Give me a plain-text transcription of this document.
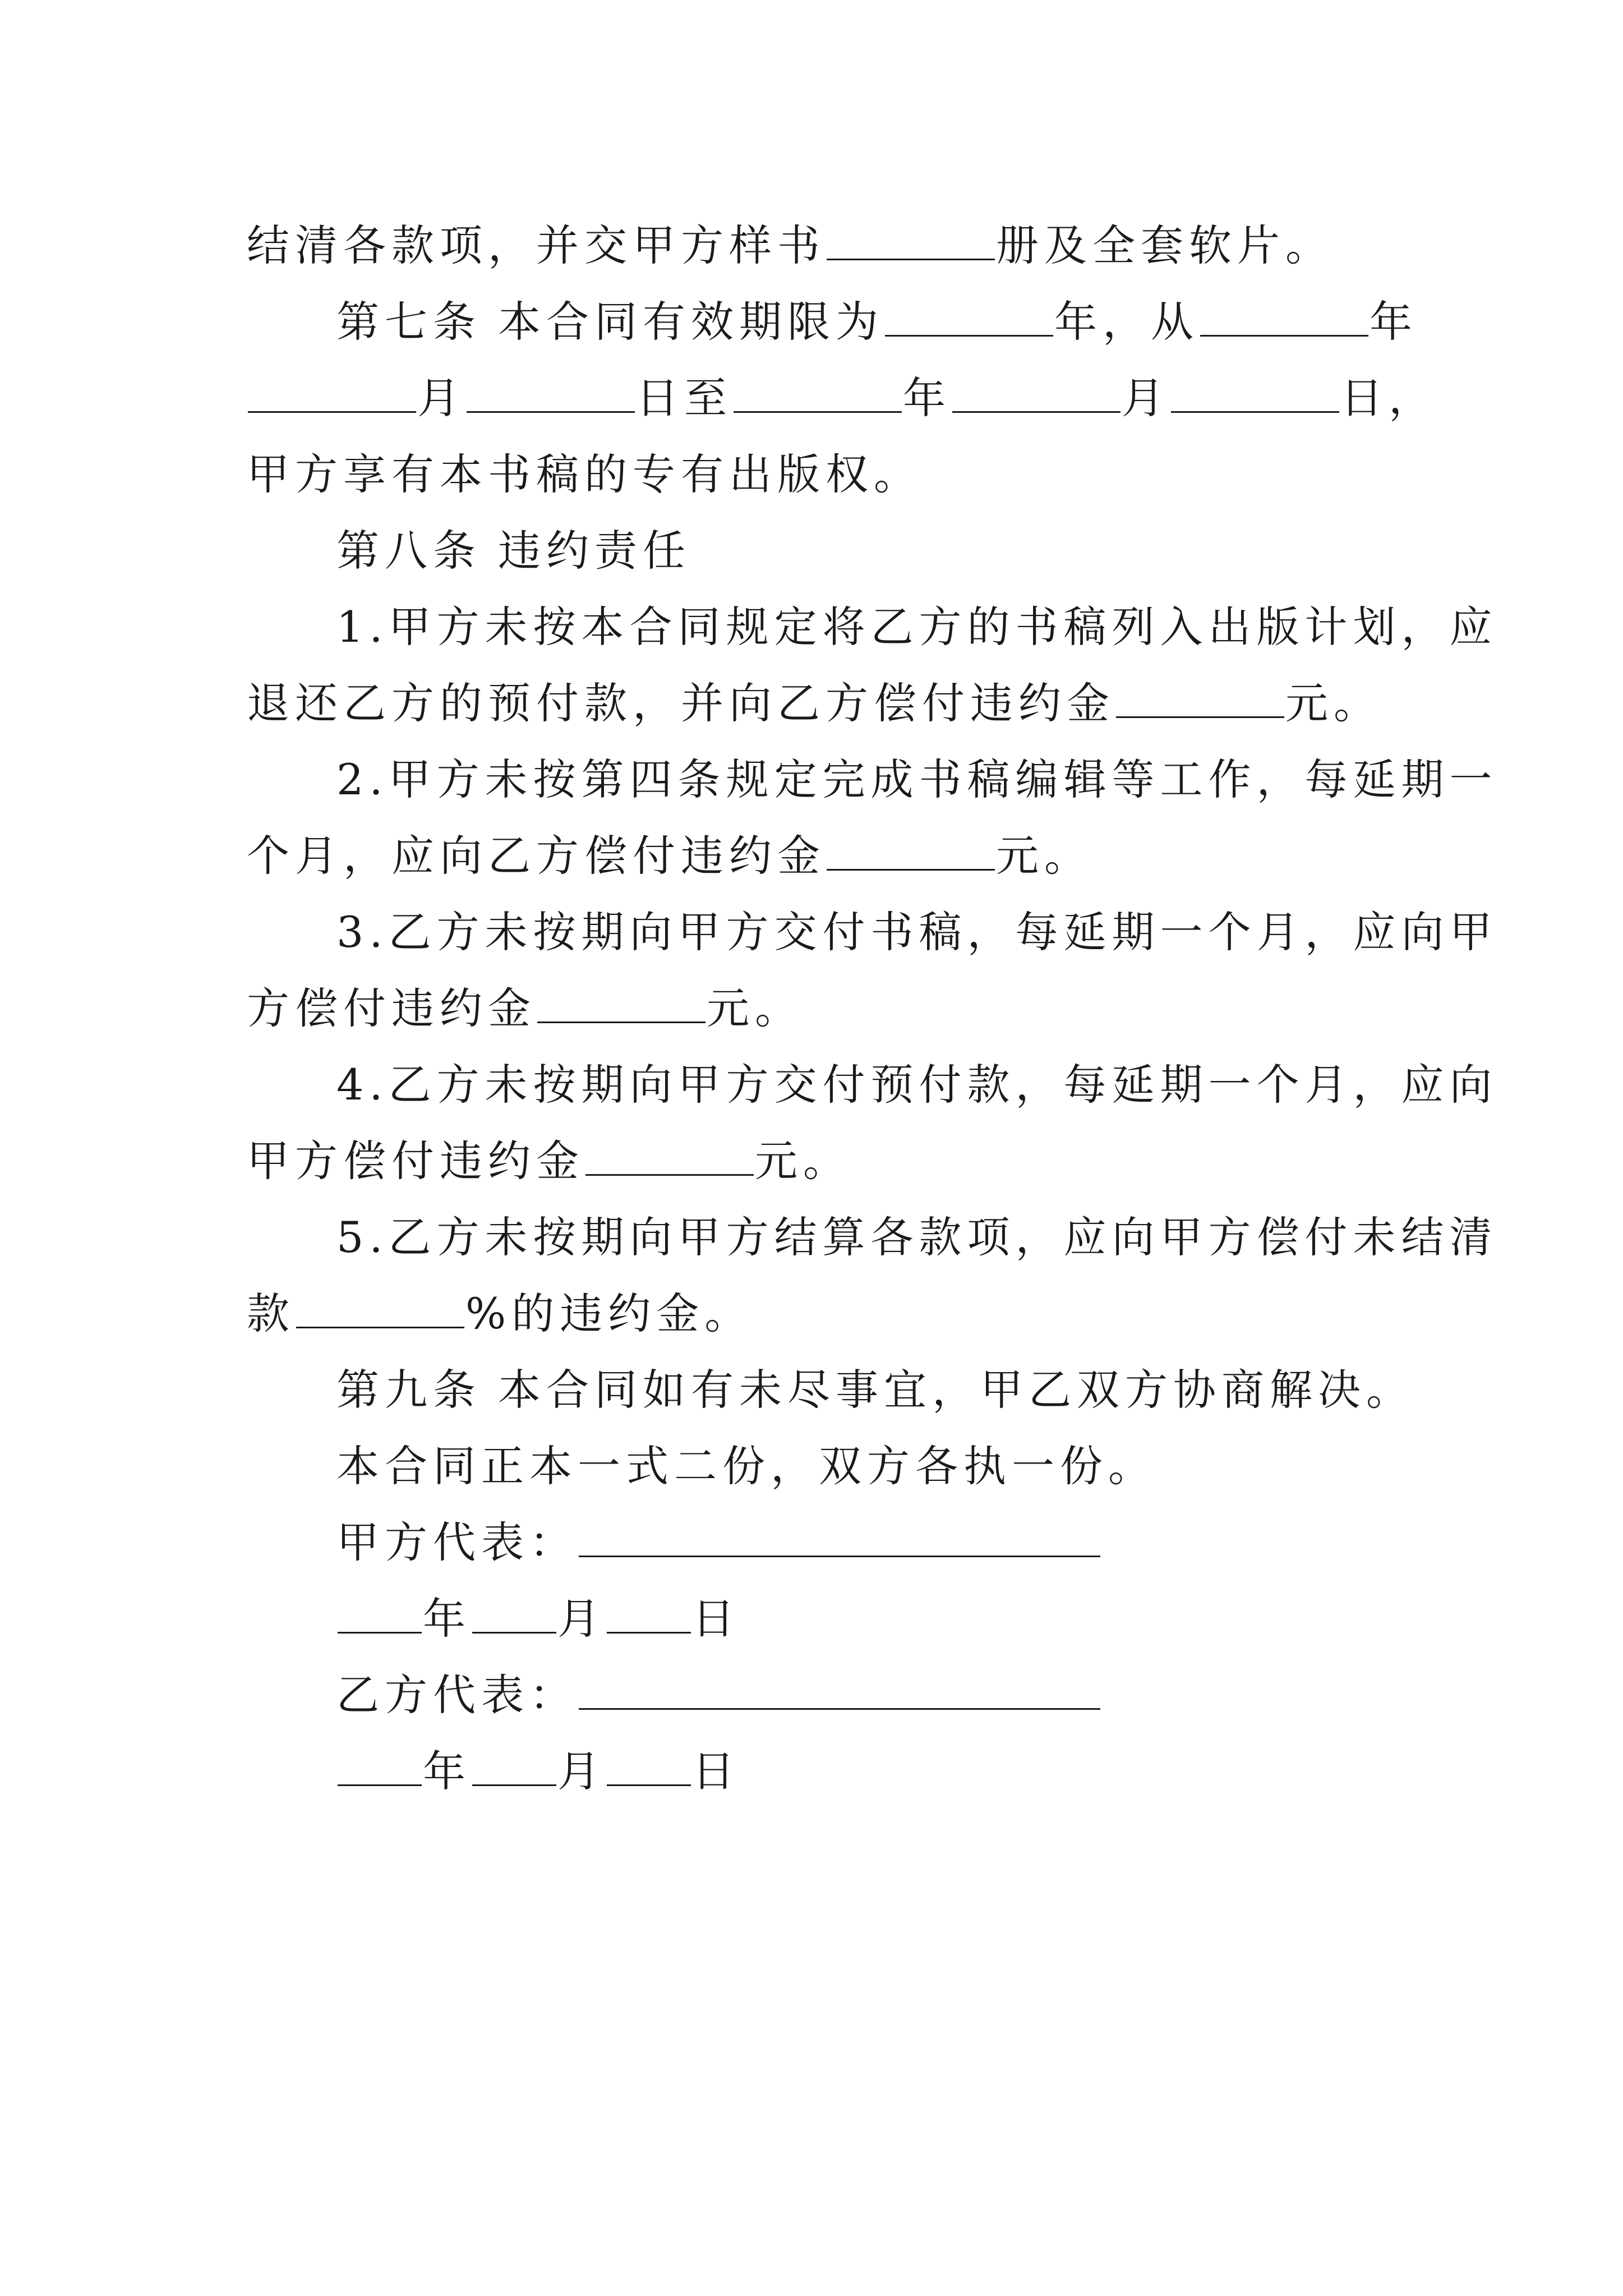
结清各款项，并交甲方样书	册及全套软片。
第七条 本合同有效期限为	年，从	年
月	日至	年	月	日，
甲方享有本书稿的专有出版权。
第八条 违约责任
1.甲方未按本合同规定将乙方的书稿列入出版计划，应
退还乙方的预付款，并向乙方偿付违约金	元。
2.甲方未按第四条规定完成书稿编辑等工作，每延期一
个月，应向乙方偿付违约金	元。
3.乙方未按期向甲方交付书稿，每延期一个月，应向甲
方偿付违约金	元。
4.乙方未按期向甲方交付预付款，每延期一个月，应向
甲方偿付违约金	元。
5.乙方未按期向甲方结算各款项，应向甲方偿付未结清
款	%的违约金。
第九条 本合同如有未尽事宜，甲乙双方协商解决。
本合同正本一式二份，双方各执一份。
甲方代表：
年 月 日
乙方代表：
年 月 日
